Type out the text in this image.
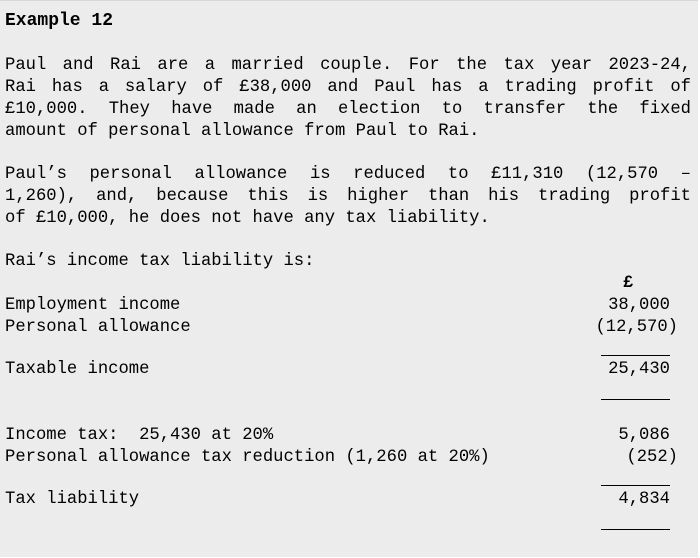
Example 12
Paul and Rai are a married couple. For the tax year 2023-24,
Rai has a salary of £38,000 and Paul has a trading profit of
£10,000. They have made an election to transfer the fixed
amount of personal allowance from Paul to Rai.
Paul’s personal allowance is reduced to £11,310 (12,570 –
1,260), and, because this is higher than his trading profit
of £10,000, he does not have any tax liability.
Rai’s income tax liability is:
£
Employment income	38,000
Personal allowance	(12,570)
Taxable income	25,430
Income tax:  25,430 at 20%	5,086
Personal allowance tax reduction (1,260 at 20%)	(252)
Tax liability	4,834
